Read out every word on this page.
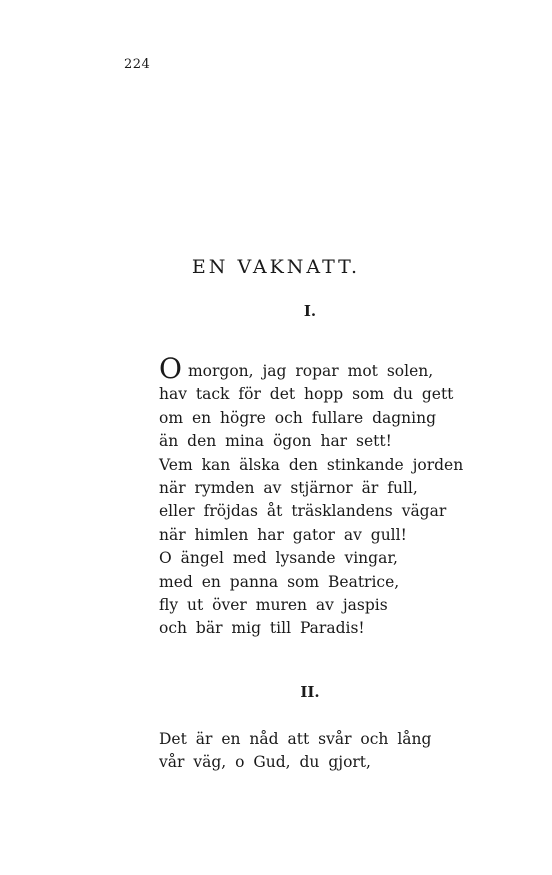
224
EN VAKNATT.
I.
Omorgon, jag ropar mot solen,
hav tack för det hopp som du gett
om en högre och fullare dagning
än den mina ögon har sett!
Vem kan älska den stinkande jorden
när rymden av stjärnor är full,
eller fröjdas åt träsklandens vägar
när himlen har gator av gull!
O ängel med lysande vingar,
med en panna som Beatrice,
fly ut över muren av jaspis
och bär mig till Paradis!
II.
Det är en nåd att svår och lång
vår väg, o Gud, du gjort,
